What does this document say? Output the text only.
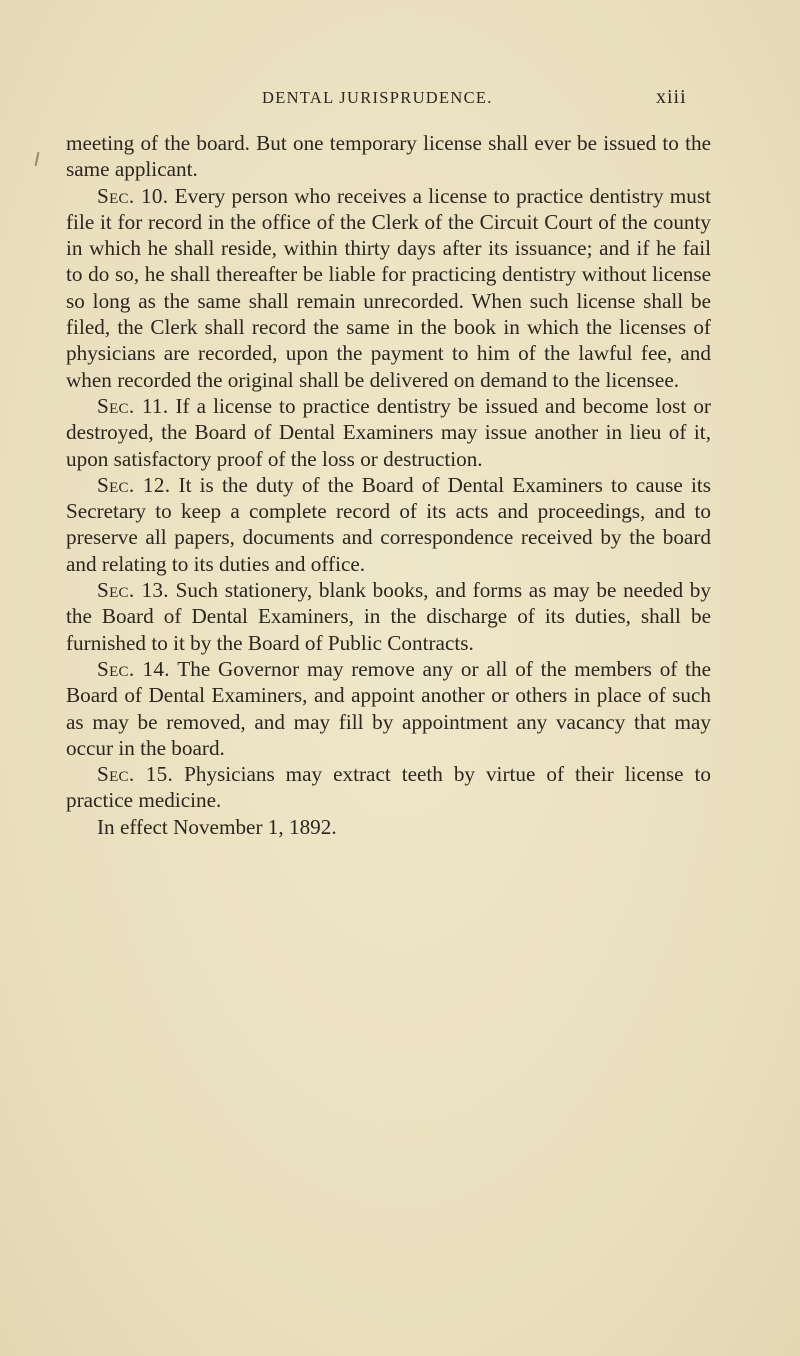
DENTAL JURISPRUDENCE.	xiii

meeting of the board. But one temporary license shall ever be issued to the same applicant.

Sec. 10. Every person who receives a license to practice dentistry must file it for record in the office of the Clerk of the Circuit Court of the county in which he shall reside, within thirty days after its issuance; and if he fail to do so, he shall thereafter be liable for practicing dentistry without license so long as the same shall remain unrecorded. When such license shall be filed, the Clerk shall record the same in the book in which the licenses of physicians are recorded, upon the payment to him of the lawful fee, and when recorded the original shall be delivered on demand to the licensee.

Sec. 11. If a license to practice dentistry be issued and become lost or destroyed, the Board of Dental Examiners may issue another in lieu of it, upon satisfactory proof of the loss or destruction.

Sec. 12. It is the duty of the Board of Dental Examiners to cause its Secretary to keep a complete record of its acts and proceedings, and to preserve all papers, documents and correspondence received by the board and relating to its duties and office.

Sec. 13. Such stationery, blank books, and forms as may be needed by the Board of Dental Examiners, in the discharge of its duties, shall be furnished to it by the Board of Public Contracts.

Sec. 14. The Governor may remove any or all of the members of the Board of Dental Examiners, and appoint another or others in place of such as may be removed, and may fill by appointment any vacancy that may occur in the board.

Sec. 15. Physicians may extract teeth by virtue of their license to practice medicine.

In effect November 1, 1892.
